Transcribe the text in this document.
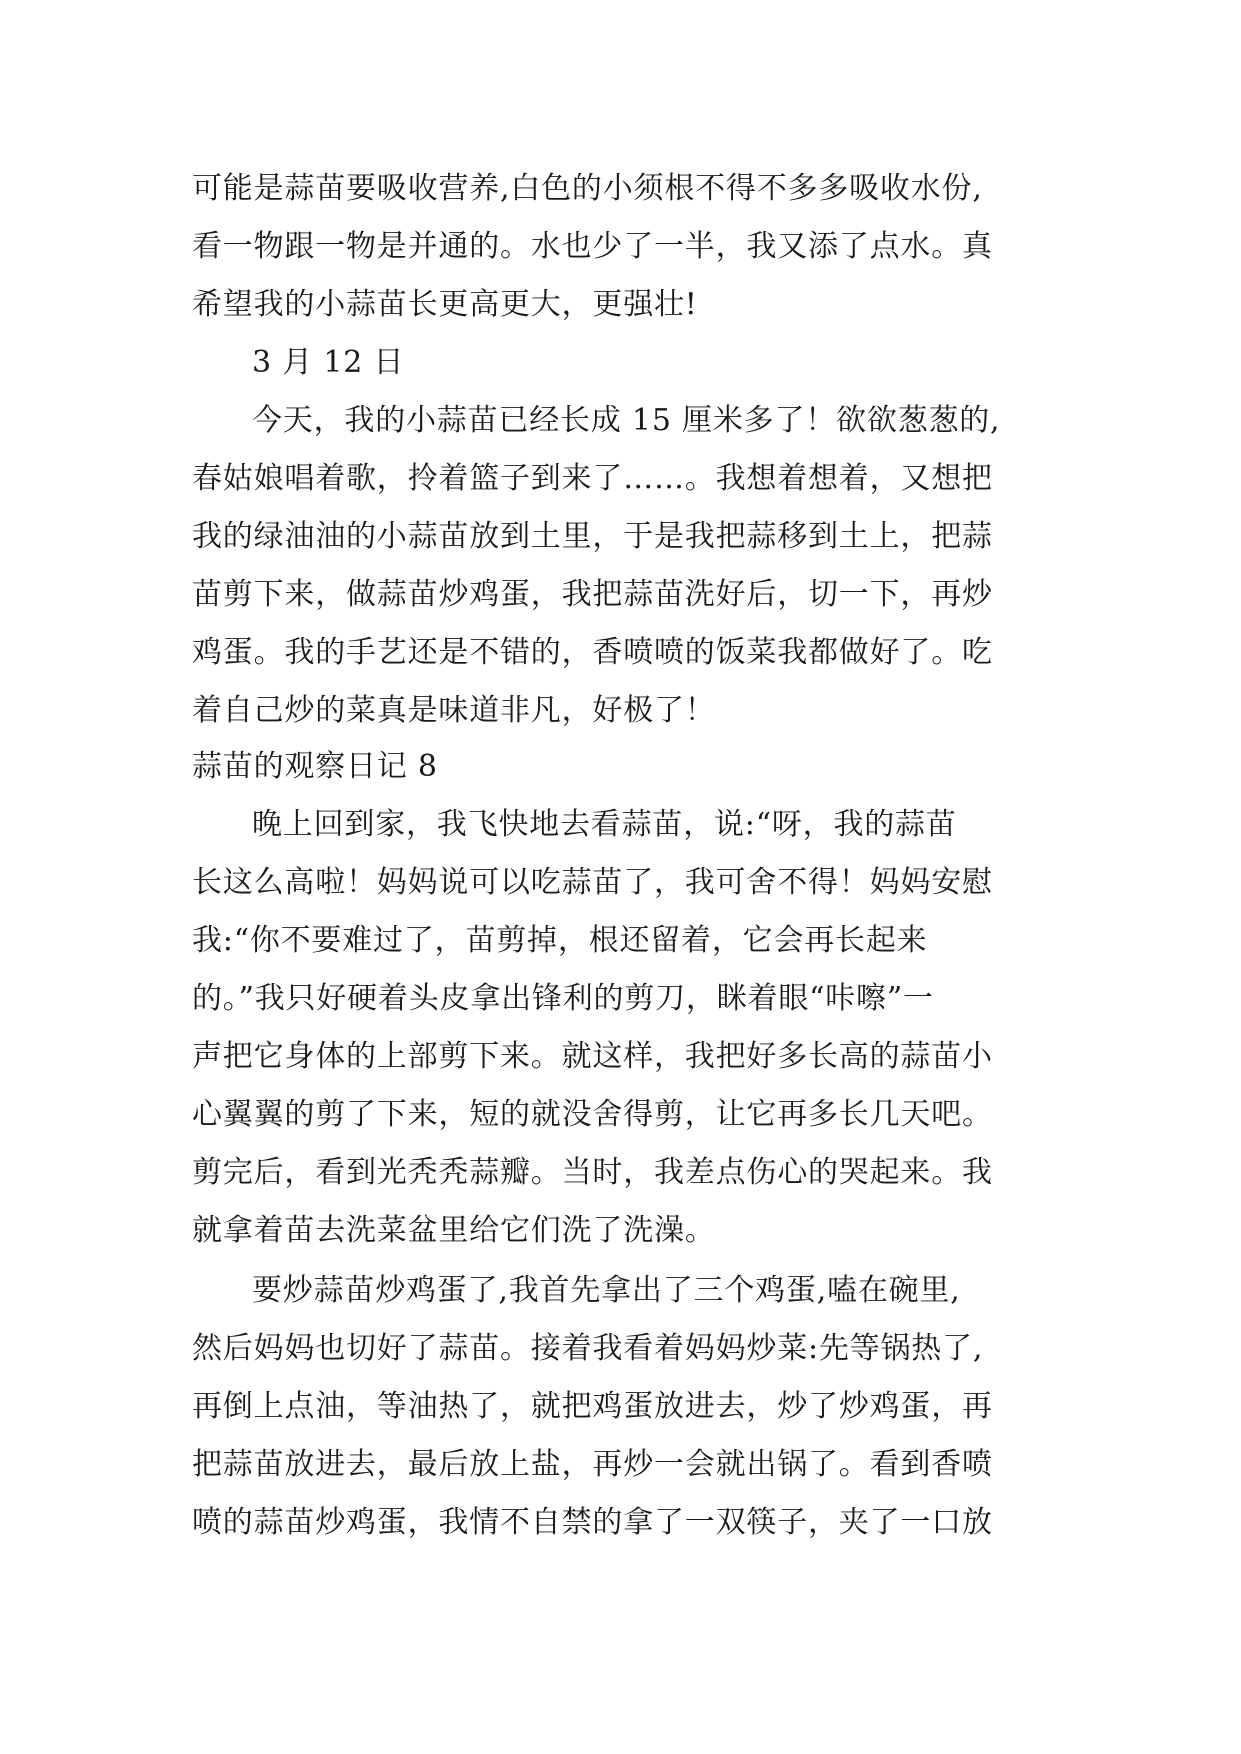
可能是蒜苗要吸收营养,白色的小须根不得不多多吸收水份,
看一物跟一物是并通的。水也少了一半，我又添了点水。真
希望我的小蒜苗长更高更大，更强壮!
3 月 12 日
今天，我的小蒜苗已经长成 15 厘米多了！欲欲葱葱的,
春姑娘唱着歌，拎着篮子到来了……。我想着想着，又想把
我的绿油油的小蒜苗放到土里，于是我把蒜移到土上，把蒜
苗剪下来，做蒜苗炒鸡蛋，我把蒜苗洗好后，切一下，再炒
鸡蛋。我的手艺还是不错的，香喷喷的饭菜我都做好了。吃
着自己炒的菜真是味道非凡，好极了！
蒜苗的观察日记 8
晚上回到家，我飞快地去看蒜苗，说:“呀，我的蒜苗
长这么高啦！妈妈说可以吃蒜苗了，我可舍不得！妈妈安慰
我:“你不要难过了，苗剪掉，根还留着，它会再长起来
的。”我只好硬着头皮拿出锋利的剪刀，眯着眼“咔嚓”一
声把它身体的上部剪下来。就这样，我把好多长高的蒜苗小
心翼翼的剪了下来，短的就没舍得剪，让它再多长几天吧。
剪完后，看到光秃秃蒜瓣。当时，我差点伤心的哭起来。我
就拿着苗去洗菜盆里给它们洗了洗澡。
要炒蒜苗炒鸡蛋了,我首先拿出了三个鸡蛋,嗑在碗里,
然后妈妈也切好了蒜苗。接着我看着妈妈炒菜:先等锅热了,
再倒上点油，等油热了，就把鸡蛋放进去，炒了炒鸡蛋，再
把蒜苗放进去，最后放上盐，再炒一会就出锅了。看到香喷
喷的蒜苗炒鸡蛋，我情不自禁的拿了一双筷子，夹了一口放
